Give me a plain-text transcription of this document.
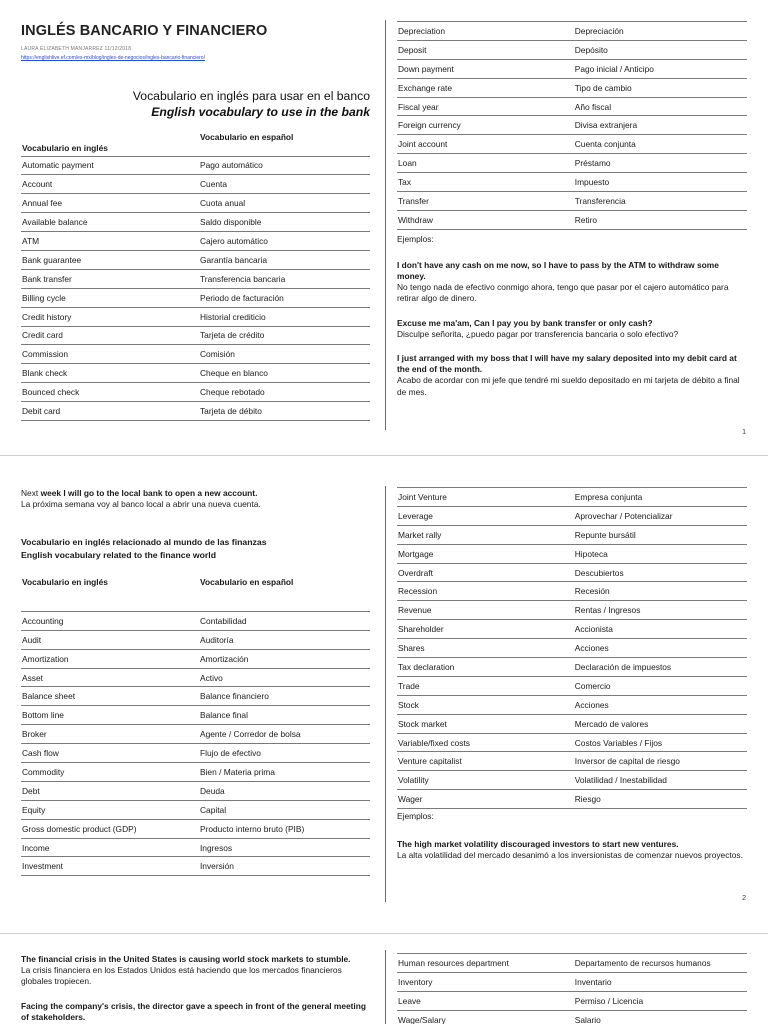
INGLÉS BANCARIO Y FINANCIERO
LAURA ELIZABETH MANJARREZ 11/12/2018
https://englishlive.ef.com/es-mx/blog/ingles-de-negocios/ingles-bancario-financiero/
Vocabulario en inglés para usar en el banco
English vocabulary to use in the bank
Vocabulario en inglés	Vocabulario en español
Automatic payment	Pago automático
Account	Cuenta
Annual fee	Cuota anual
Available balance	Saldo disponible
ATM	Cajero automático
Bank guarantee	Garantía bancaria
Bank transfer	Transferencia bancaria
Billing cycle	Periodo de facturación
Credit history	Historial crediticio
Credit card	Tarjeta de crédito
Commission	Comisión
Blank check	Cheque en blanco
Bounced check	Cheque rebotado
Debit card	Tarjeta de débito
Depreciation	Depreciación
Deposit	Depósito
Down payment	Pago inicial / Anticipo
Exchange rate	Tipo de cambio
Fiscal year	Año fiscal
Foreign currency	Divisa extranjera
Joint account	Cuenta conjunta
Loan	Préstamo
Tax	Impuesto
Transfer	Transferencia
Withdraw	Retiro
Ejemplos:
I don't have any cash on me now, so I have to pass by the ATM to withdraw some money.
No tengo nada de efectivo conmigo ahora, tengo que pasar por el cajero automático para retirar algo de dinero.
Excuse me ma'am, Can I pay you by bank transfer or only cash?
Disculpe señorita, ¿puedo pagar por transferencia bancaria o solo efectivo?
I just arranged with my boss that I will have my salary deposited into my debit card at the end of the month.
Acabo de acordar con mi jefe que tendré mi sueldo depositado en mi tarjeta de débito a final de mes.
1
Next week I will go to the local bank to open a new account.
La próxima semana voy al banco local a abrir una nueva cuenta.
Vocabulario en inglés relacionado al mundo de las finanzas
English vocabulary related to the finance world
Vocabulario en inglés	Vocabulario en español
Accounting	Contabilidad
Audit	Auditoría
Amortization	Amortización
Asset	Activo
Balance sheet	Balance financiero
Bottom line	Balance final
Broker	Agente / Corredor de bolsa
Cash flow	Flujo de efectivo
Commodity	Bien / Materia prima
Debt	Deuda
Equity	Capital
Gross domestic product (GDP)	Producto interno bruto (PIB)
Income	Ingresos
Investment	Inversión
Joint Venture	Empresa conjunta
Leverage	Aprovechar / Potencializar
Market rally	Repunte bursátil
Mortgage	Hipoteca
Overdraft	Descubiertos
Recession	Recesión
Revenue	Rentas / Ingresos
Shareholder	Accionista
Shares	Acciones
Tax declaration	Declaración de impuestos
Trade	Comercio
Stock	Acciones
Stock market	Mercado de valores
Variable/fixed costs	Costos Variables / Fijos
Venture capitalist	Inversor de capital de riesgo
Volatility	Volatilidad / Inestabilidad
Wager	Riesgo
Ejemplos:
The high market volatility discouraged investors to start new ventures.
La alta volatilidad del mercado desanimó a los inversionistas de comenzar nuevos proyectos.
2
The financial crisis in the United States is causing world stock markets to stumble.
La crisis financiera en los Estados Unidos está haciendo que los mercados financieros globales tropiecen.
Facing the company's crisis, the director gave a speech in front of the general meeting of stakeholders.
Human resources department	Departamento de recursos humanos
Inventory	Inventario
Leave	Permiso / Licencia
Wage/Salary	Salario
